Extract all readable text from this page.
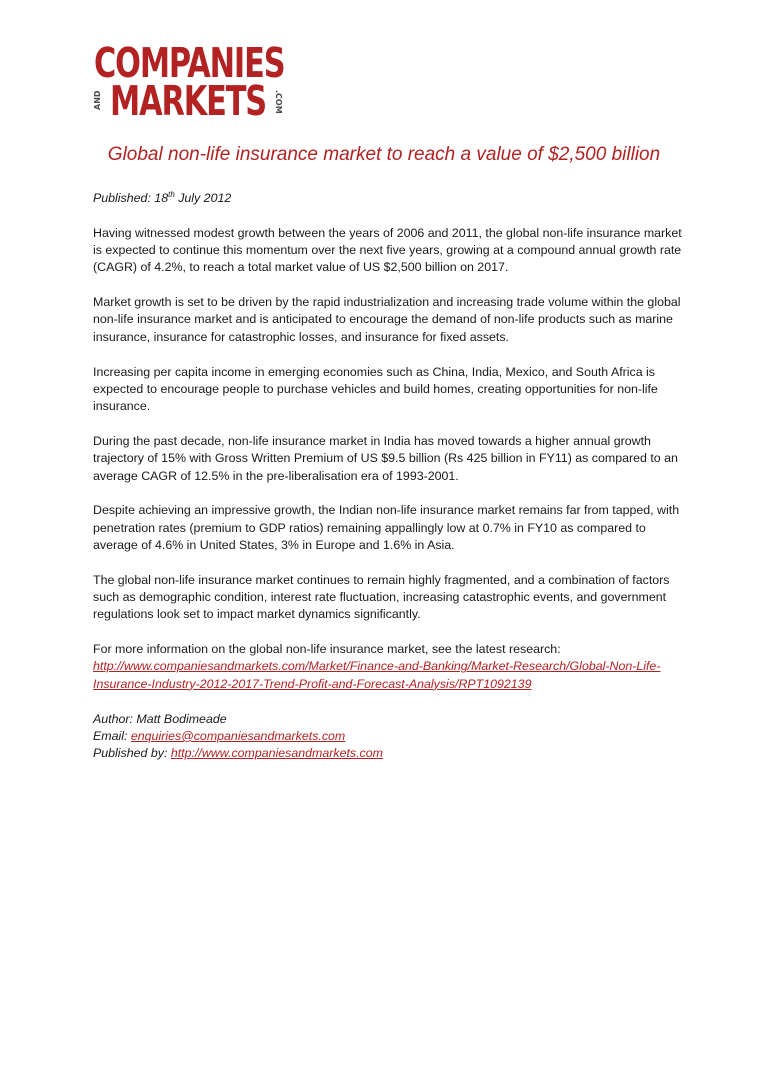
COMPANIES
AND MARKETS .COM
Global non-life insurance market to reach a value of $2,500 billion

Published: 18th July 2012

Having witnessed modest growth between the years of 2006 and 2011, the global non-life insurance market is expected to continue this momentum over the next five years, growing at a compound annual growth rate (CAGR) of 4.2%, to reach a total market value of US $2,500 billion on 2017.

Market growth is set to be driven by the rapid industrialization and increasing trade volume within the global non-life insurance market and is anticipated to encourage the demand of non-life products such as marine insurance, insurance for catastrophic losses, and insurance for fixed assets.

Increasing per capita income in emerging economies such as China, India, Mexico, and South Africa is expected to encourage people to purchase vehicles and build homes, creating opportunities for non-life insurance.

During the past decade, non-life insurance market in India has moved towards a higher annual growth trajectory of 15% with Gross Written Premium of US $9.5 billion (Rs 425 billion in FY11) as compared to an average CAGR of 12.5% in the pre-liberalisation era of 1993-2001.

Despite achieving an impressive growth, the Indian non-life insurance market remains far from tapped, with penetration rates (premium to GDP ratios) remaining appallingly low at 0.7% in FY10 as compared to average of 4.6% in United States, 3% in Europe and 1.6% in Asia.

The global non-life insurance market continues to remain highly fragmented, and a combination of factors such as demographic condition, interest rate fluctuation, increasing catastrophic events, and government regulations look set to impact market dynamics significantly.

For more information on the global non-life insurance market, see the latest research: http://www.companiesandmarkets.com/Market/Finance-and-Banking/Market-Research/Global-Non-Life-Insurance-Industry-2012-2017-Trend-Profit-and-Forecast-Analysis/RPT1092139

Author: Matt Bodimeade

Email: enquiries@companiesandmarkets.com

Published by: http://www.companiesandmarkets.com
